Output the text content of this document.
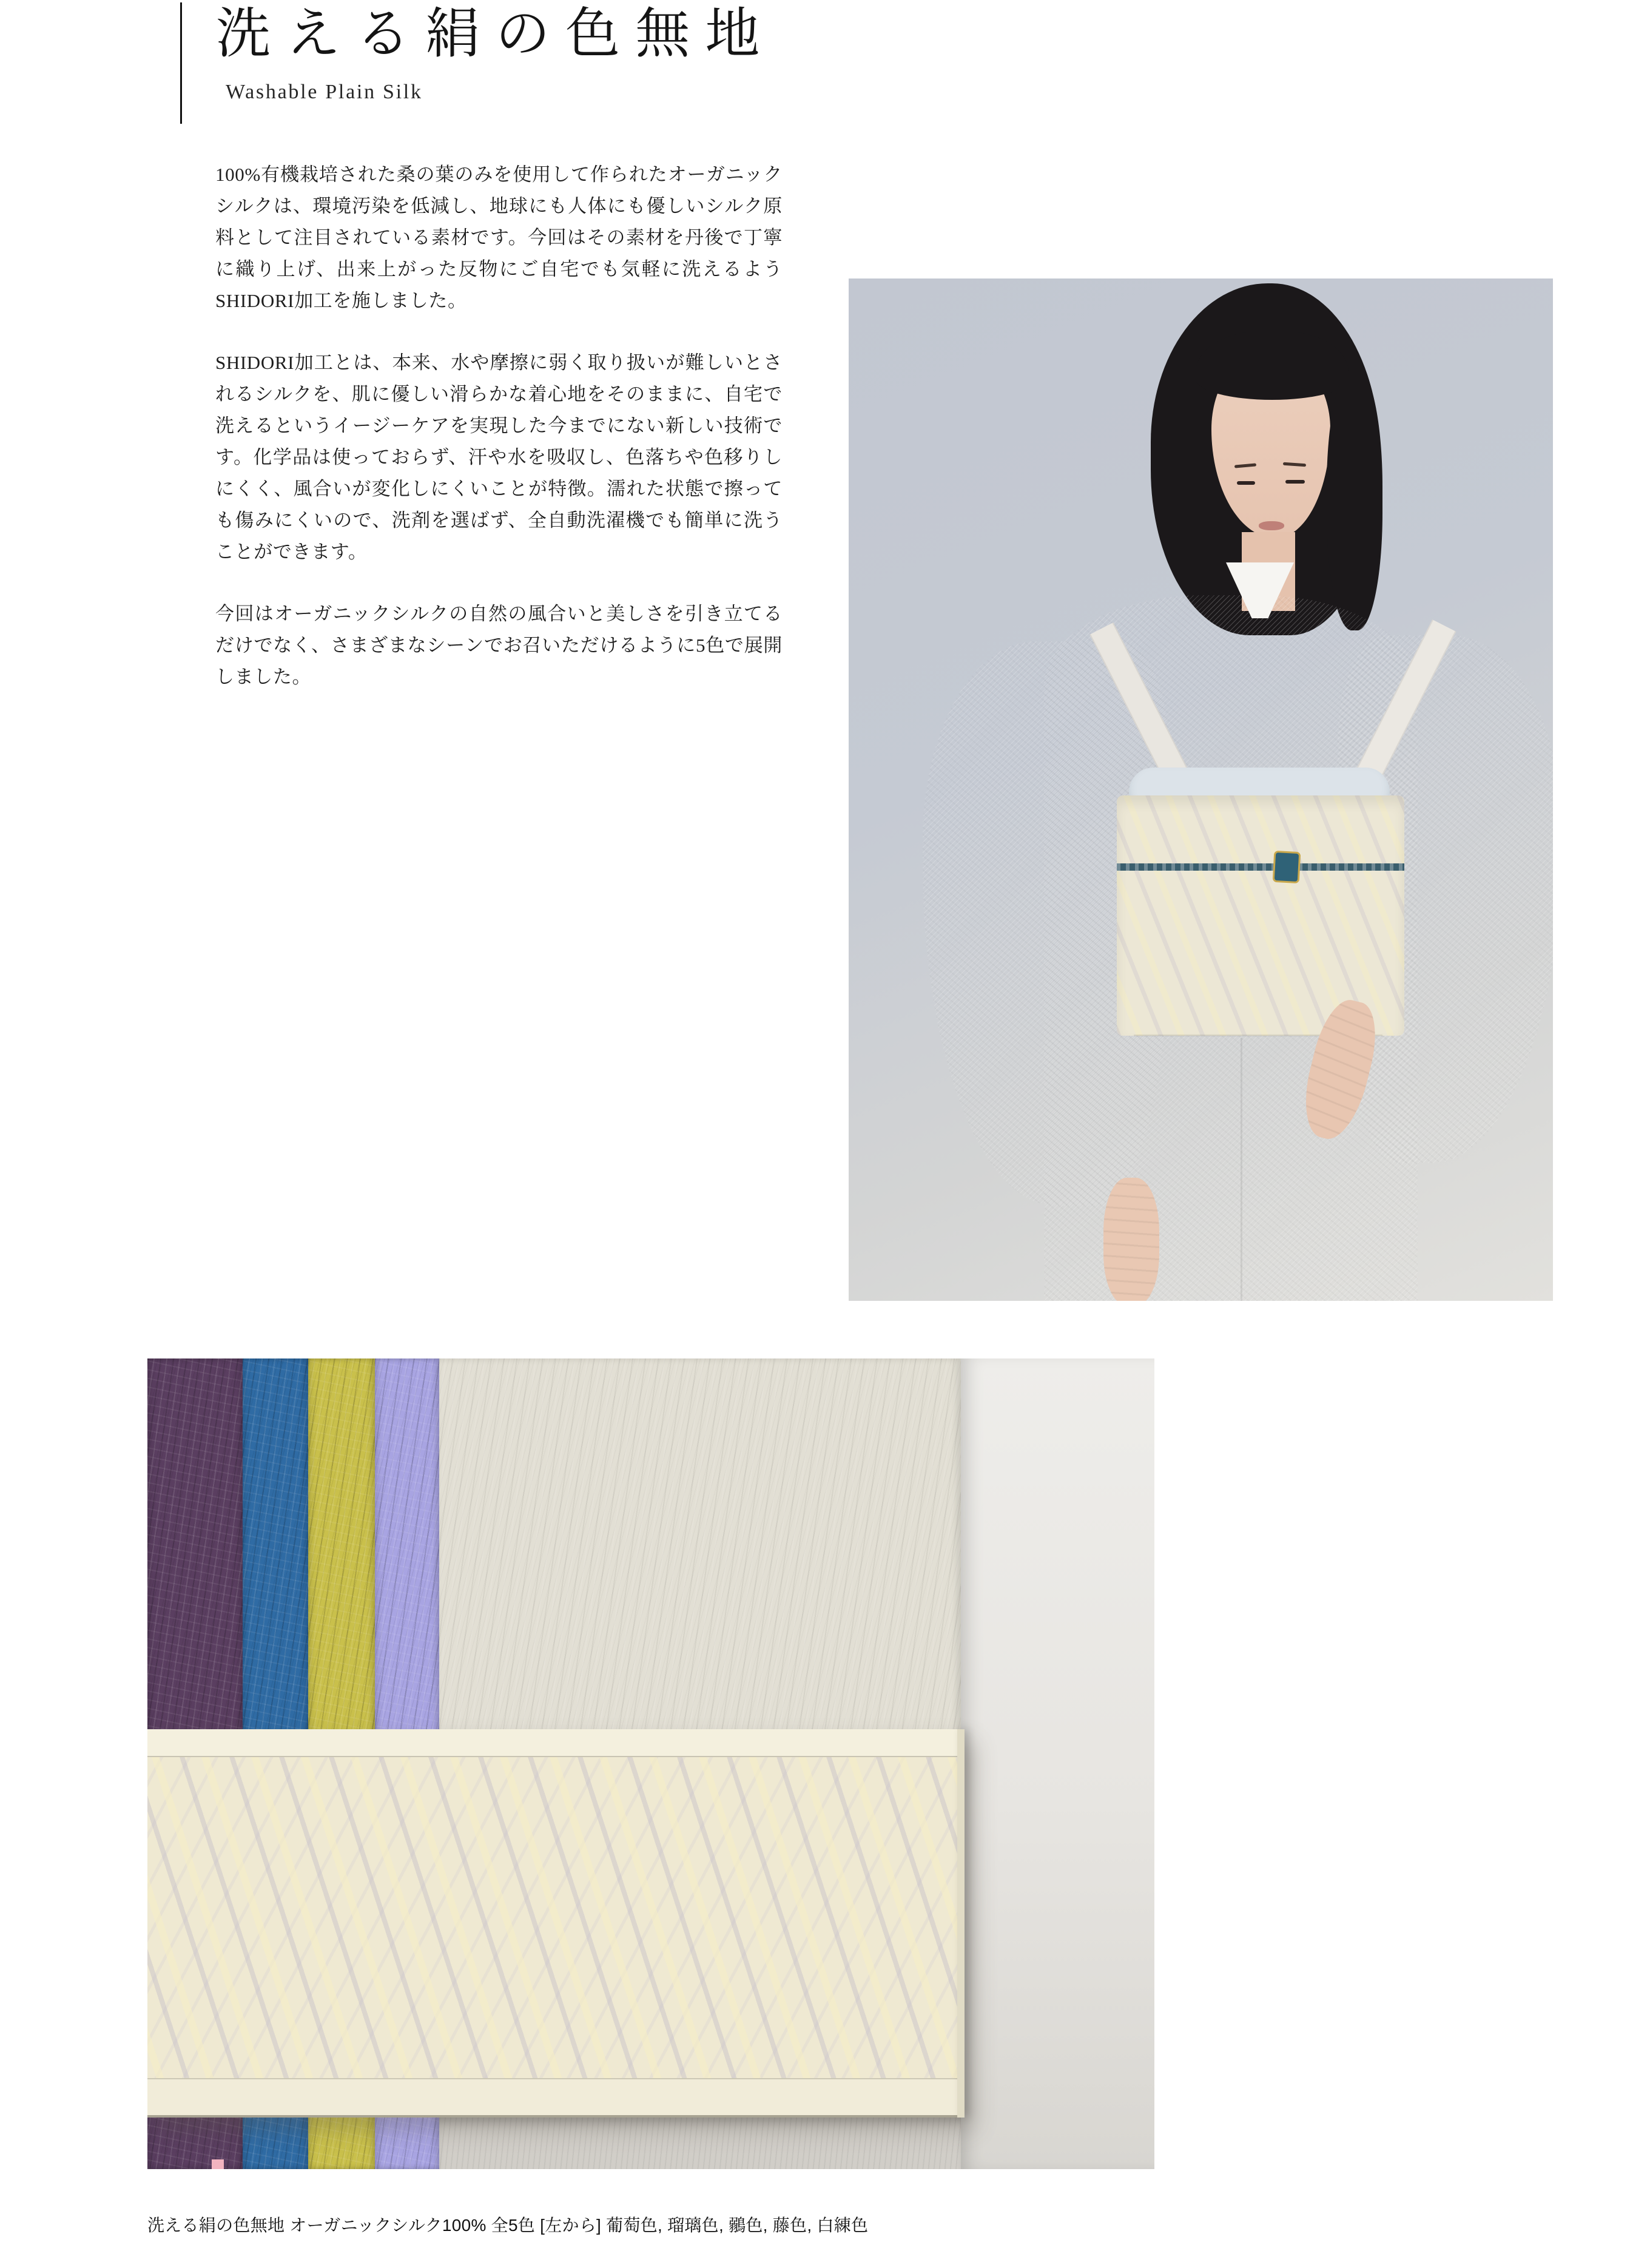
洗える絹の色無地
Washable Plain Silk

100%有機栽培された桑の葉のみを使用して作られたオーガニックシルクは、環境汚染を低減し、地球にも人体にも優しいシルク原料として注目されている素材です。今回はその素材を丹後で丁寧に織り上げ、出来上がった反物にご自宅でも気軽に洗えるようSHIDORI加工を施しました。

SHIDORI加工とは、本来、水や摩擦に弱く取り扱いが難しいとされるシルクを、肌に優しい滑らかな着心地をそのままに、自宅で洗えるというイージーケアを実現した今までにない新しい技術です。化学品は使っておらず、汗や水を吸収し、色落ちや色移りしにくく、風合いが変化しにくいことが特徴。濡れた状態で擦っても傷みにくいので、洗剤を選ばず、全自動洗濯機でも簡単に洗うことができます。

今回はオーガニックシルクの自然の風合いと美しさを引き立てるだけでなく、さまざまなシーンでお召いただけるように5色で展開しました。

洗える絹の色無地 オーガニックシルク100% 全5色 [左から] 葡萄色, 瑠璃色, 鶸色, 藤色, 白練色
